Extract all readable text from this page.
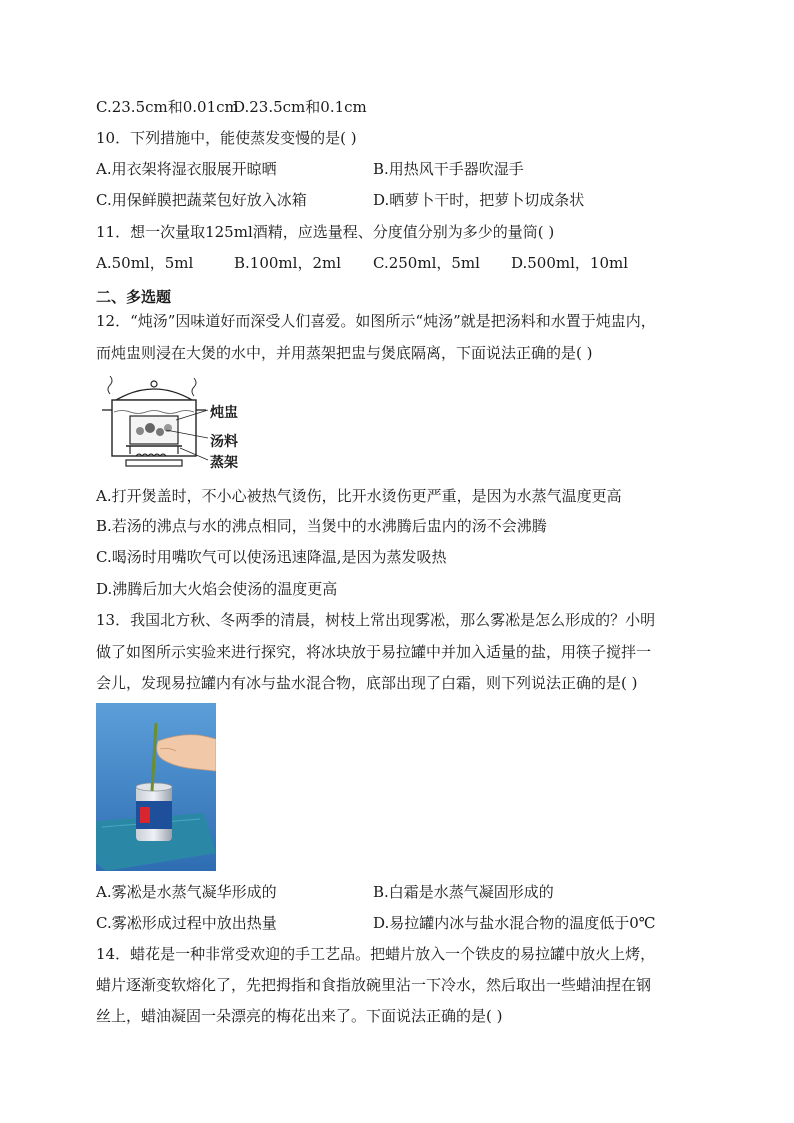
C.23.5cm和0.01cm
D.23.5cm和0.1cm
10．下列措施中，能使蒸发变慢的是( )
A.用衣架将湿衣服展开晾晒	B.用热风干手器吹湿手
C.用保鲜膜把蔬菜包好放入冰箱	D.晒萝卜干时，把萝卜切成条状
11．想一次量取125ml酒精，应选量程、分度值分别为多少的量筒( )
A.50ml，5ml	B.100ml，2ml C.250ml，5ml D.500ml，10ml
二、多选题
12．“炖汤”因味道好而深受人们喜爱。如图所示“炖汤”就是把汤料和水置于炖盅内，
而炖盅则浸在大煲的水中，并用蒸架把盅与煲底隔离，下面说法正确的是( )
炖盅
汤料
蒸架
A.打开煲盖时，不小心被热气烫伤，比开水烫伤更严重，是因为水蒸气温度更高
B.若汤的沸点与水的沸点相同，当煲中的水沸腾后盅内的汤不会沸腾
C.喝汤时用嘴吹气可以使汤迅速降温,是因为蒸发吸热
D.沸腾后加大火焰会使汤的温度更高
13．我国北方秋、冬两季的清晨，树枝上常出现雾凇，那么雾凇是怎么形成的？小明
做了如图所示实验来进行探究，将冰块放于易拉罐中并加入适量的盐，用筷子搅拌一
会儿，发现易拉罐内有冰与盐水混合物，底部出现了白霜，则下列说法正确的是( )
A.雾凇是水蒸气凝华形成的	B.白霜是水蒸气凝固形成的
C.雾凇形成过程中放出热量	D.易拉罐内冰与盐水混合物的温度低于0℃
14．蜡花是一种非常受欢迎的手工艺品。把蜡片放入一个铁皮的易拉罐中放火上烤，
蜡片逐渐变软熔化了，先把拇指和食指放碗里沾一下冷水，然后取出一些蜡油捏在钢
丝上，蜡油凝固一朵漂亮的梅花出来了。下面说法正确的是( )
